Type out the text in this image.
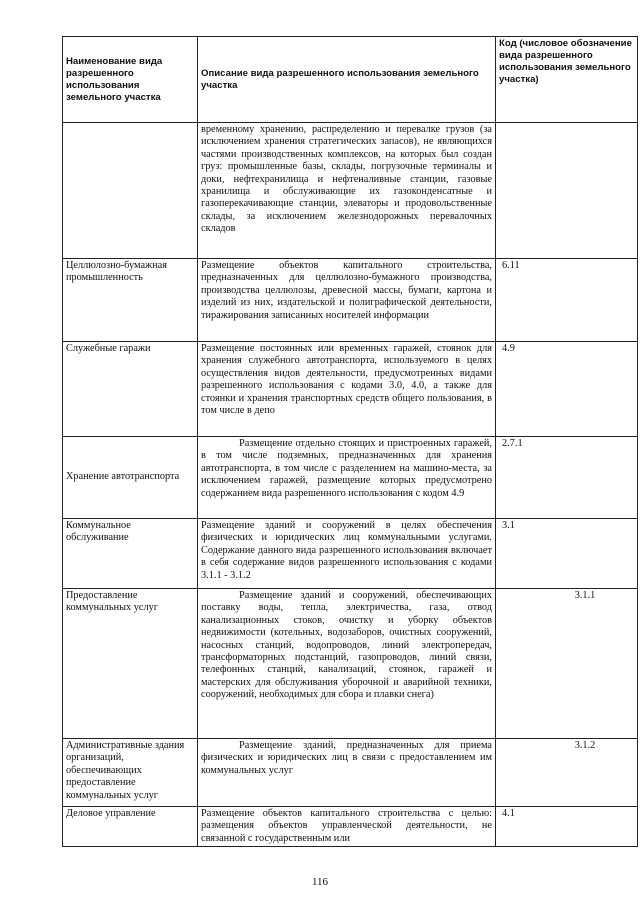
Наименование вида разрешенного использования земельного участка	Описание вида разрешенного использования земельного участка	Код (числовое обозначение вида разрешенного использования земельного участка)
	временному хранению, распределению и перевалке грузов (за исключением хранения стратегических запасов), не являющихся частями производственных комплексов, на которых был создан груз: промышленные базы, склады, погрузочные терминалы и доки, нефтехранилища и нефтеналивные станции, газовые хранилища и обслуживающие их газоконденсатные и газоперекачивающие станции, элеваторы и продовольственные склады, за исключением железнодорожных перевалочных складов	
Целлюлозно-бумажная промышленность	Размещение объектов капитального строительства, предназначенных для целлюлозно-бумажного производства, производства целлюлозы, древесной массы, бумаги, картона и изделий из них, издательской и полиграфической деятельности, тиражирования записанных носителей информации	6.11
Служебные гаражи	Размещение постоянных или временных гаражей, стоянок для хранения служебного автотранспорта, используемого в целях осуществления видов деятельности, предусмотренных видами разрешенного использования с кодами 3.0, 4.0, а также для стоянки и хранения транспортных средств общего пользования, в том числе в депо	4.9
Хранение автотранспорта	Размещение отдельно стоящих и пристроенных гаражей, в том числе подземных, предназначенных для хранения автотранспорта, в том числе с разделением на машино-места, за исключением гаражей, размещение которых предусмотрено содержанием вида разрешенного использования с кодом 4.9	2.7.1
Коммунальное обслуживание	Размещение зданий и сооружений в целях обеспечения физических и юридических лиц коммунальными услугами. Содержание данного вида разрешенного использования включает в себя содержание видов разрешенного использования с кодами 3.1.1 - 3.1.2	3.1
Предоставление коммунальных услуг	Размещение зданий и сооружений, обеспечивающих поставку воды, тепла, электричества, газа, отвод канализационных стоков, очистку и уборку объектов недвижимости (котельных, водозаборов, очистных сооружений, насосных станций, водопроводов, линий электропередач, трансформаторных подстанций, газопроводов, линий связи, телефонных станций, канализаций, стоянок, гаражей и мастерских для обслуживания уборочной и аварийной техники, сооружений, необходимых для сбора и плавки снега)	3.1.1
Административные здания организаций, обеспечивающих предоставление коммунальных услуг	Размещение зданий, предназначенных для приема физических и юридических лиц в связи с предоставлением им коммунальных услуг	3.1.2
Деловое управление	Размещение объектов капитального строительства с целью: размещения объектов управленческой деятельности, не связанной с государственным или	4.1
116
